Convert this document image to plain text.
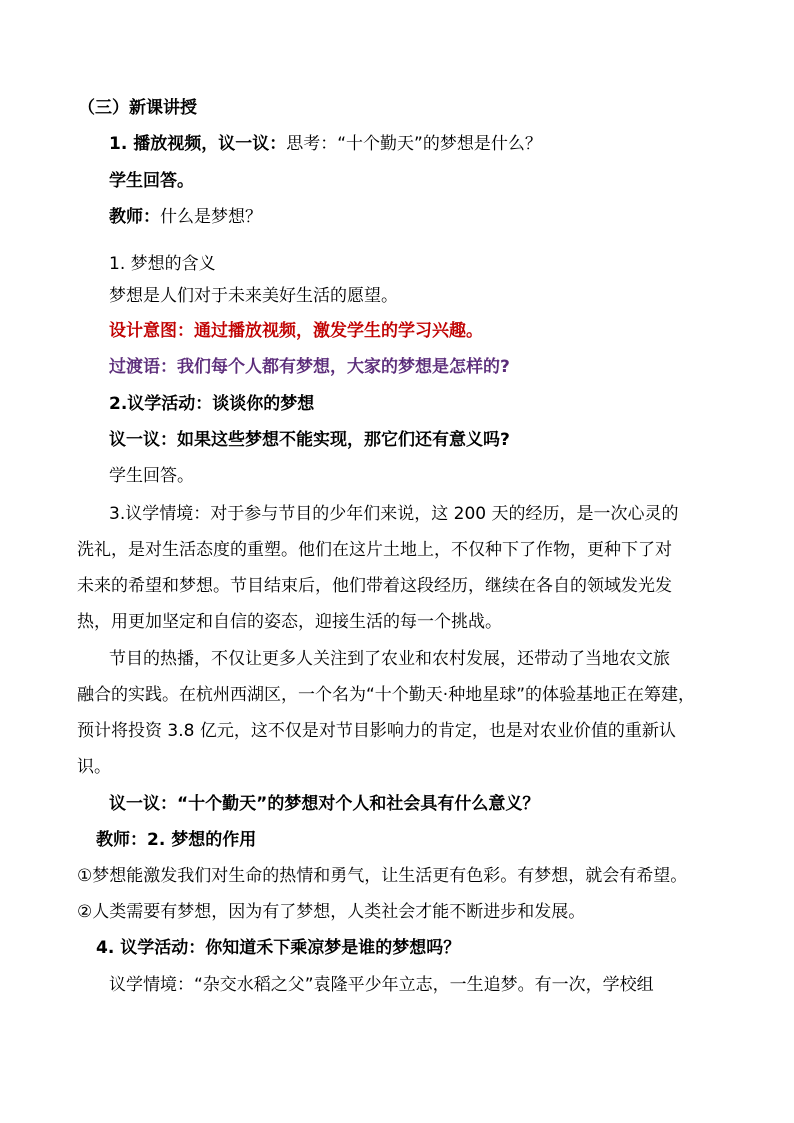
（三）新课讲授
1. 播放视频，议一议：思考：“十个勤天”的梦想是什么？
学生回答。
教师：什么是梦想？
1. 梦想的含义
梦想是人们对于未来美好生活的愿望。
设计意图：通过播放视频，激发学生的学习兴趣。
过渡语：我们每个人都有梦想，大家的梦想是怎样的?
2.议学活动：谈谈你的梦想
议一议：如果这些梦想不能实现，那它们还有意义吗?
学生回答。
3.议学情境：对于参与节目的少年们来说，这 200 天的经历，是一次心灵的
洗礼，是对生活态度的重塑。他们在这片土地上，不仅种下了作物，更种下了对
未来的希望和梦想。节目结束后，他们带着这段经历，继续在各自的领域发光发
热，用更加坚定和自信的姿态，迎接生活的每一个挑战。
节目的热播，不仅让更多人关注到了农业和农村发展，还带动了当地农文旅
融合的实践。在杭州西湖区，一个名为“十个勤天·种地星球”的体验基地正在筹建，
预计将投资 3.8 亿元，这不仅是对节目影响力的肯定，也是对农业价值的重新认
识。
议一议：“十个勤天”的梦想对个人和社会具有什么意义？
教师：2. 梦想的作用
①梦想能激发我们对生命的热情和勇气，让生活更有色彩。有梦想，就会有希望。
②人类需要有梦想，因为有了梦想，人类社会才能不断进步和发展。
4. 议学活动：你知道禾下乘凉梦是谁的梦想吗？
议学情境：“杂交水稻之父”袁隆平少年立志，一生追梦。有一次，学校组
